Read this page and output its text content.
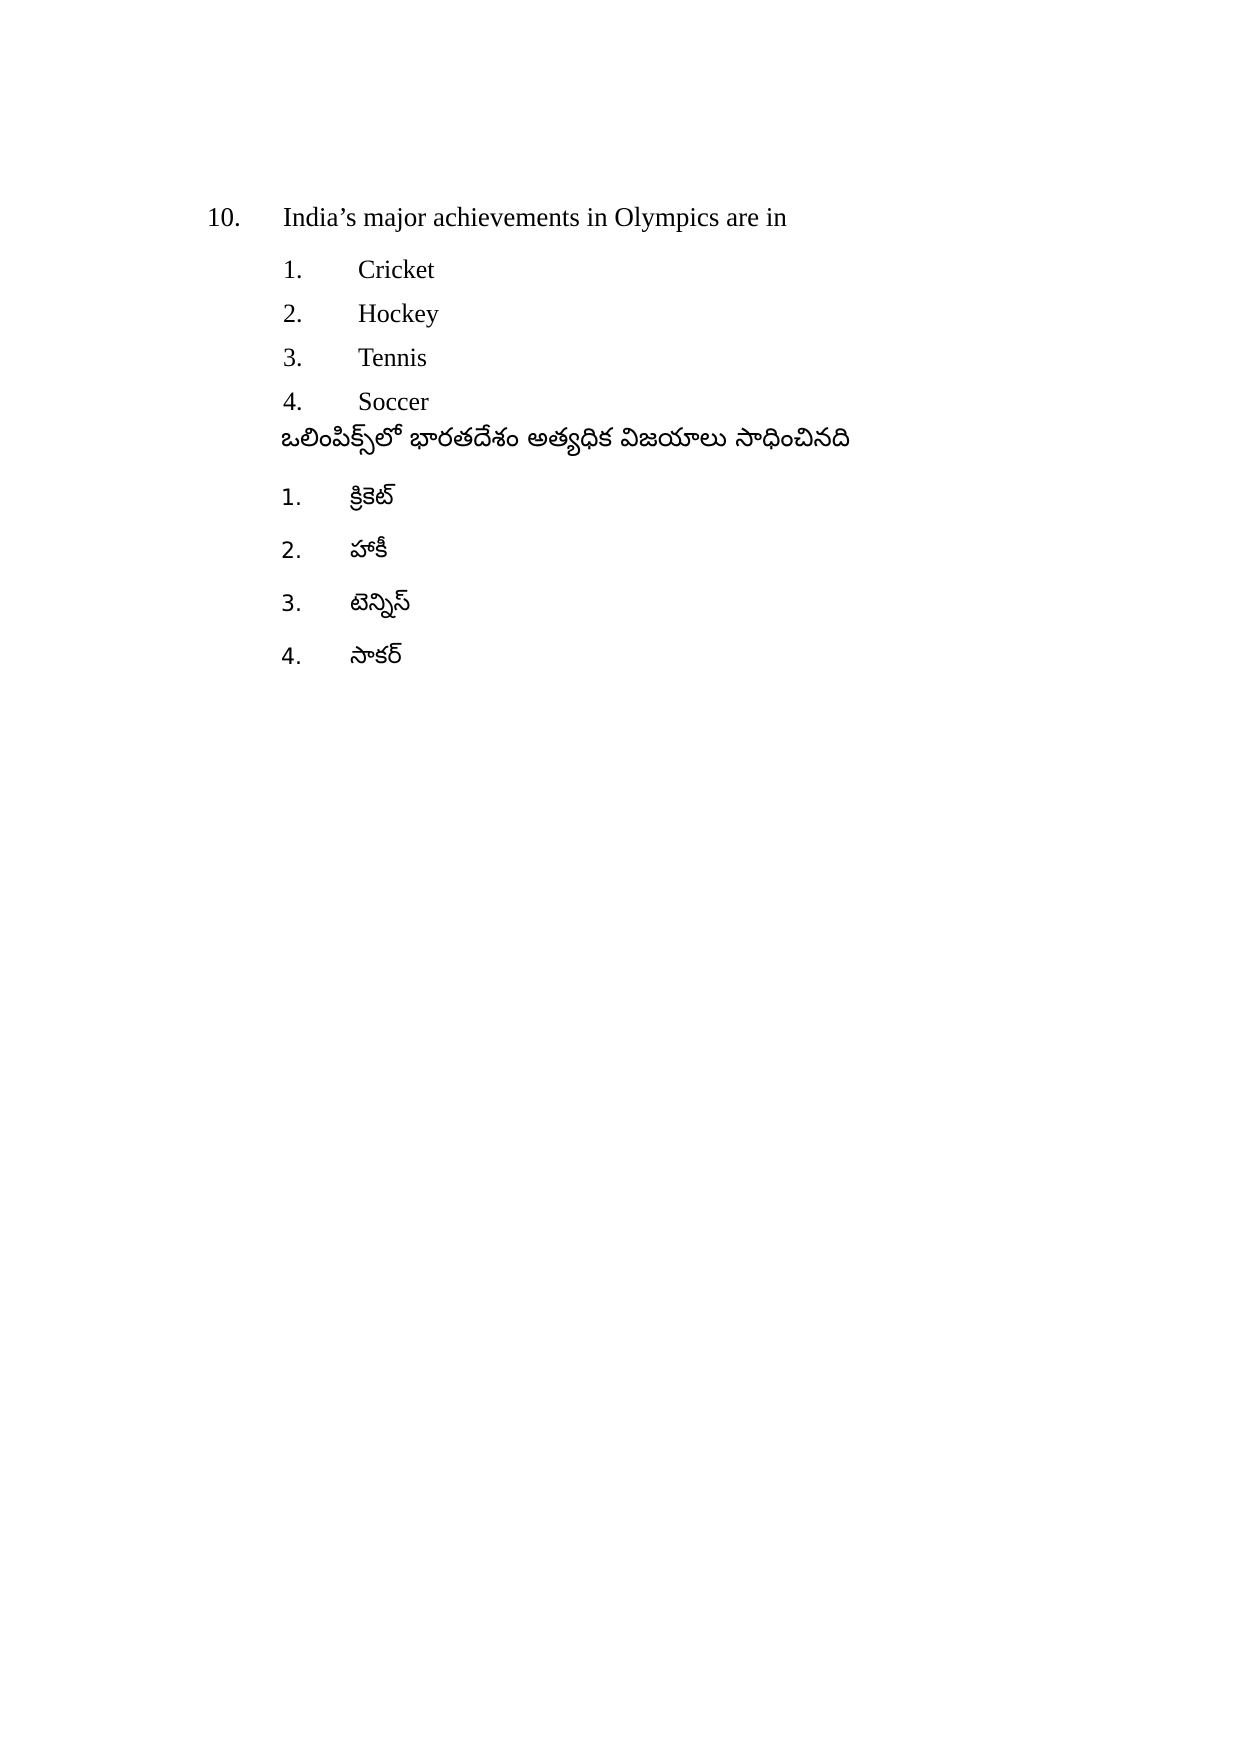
10. India’s major achievements in Olympics are in
1.	Cricket
2.	Hockey
3.	Tennis
4.	Soccer
ఒలింపిక్స్‌లో భారతదేశం అత్యధిక విజయాలు సాధించినది
1.	క్రికెట్
2.	హాకీ
3.	టెన్నిస్
4.	సాకర్
